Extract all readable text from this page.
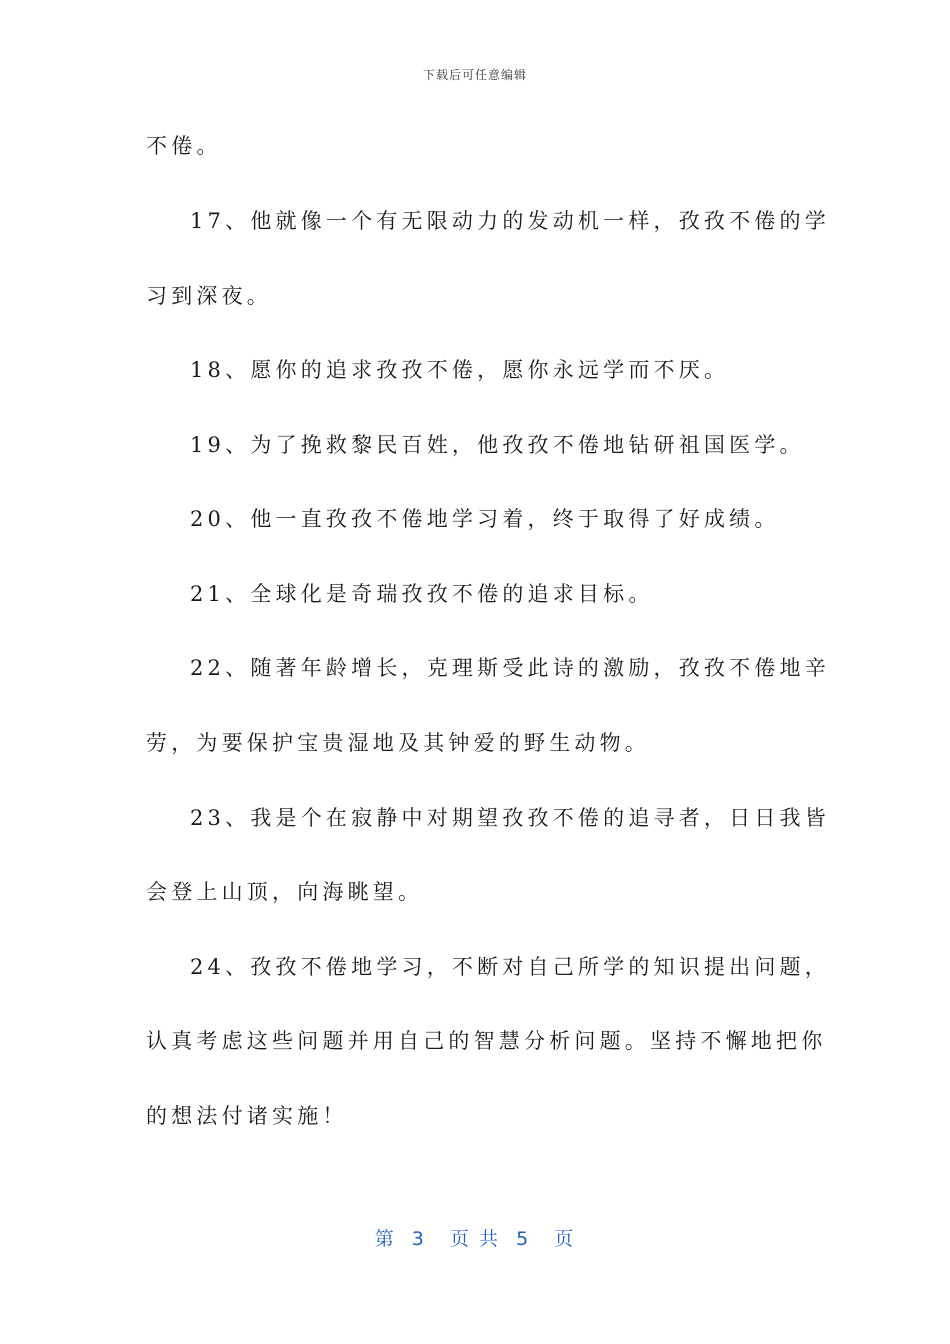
下载后可任意编辑
不倦。
17、他就像一个有无限动力的发动机一样，孜孜不倦的学
习到深夜。
18、愿你的追求孜孜不倦，愿你永远学而不厌。
19、为了挽救黎民百姓，他孜孜不倦地钻研祖国医学。
20、他一直孜孜不倦地学习着，终于取得了好成绩。
21、全球化是奇瑞孜孜不倦的追求目标。
22、随著年龄增长，克理斯受此诗的激励，孜孜不倦地辛
劳，为要保护宝贵湿地及其钟爱的野生动物。
23、我是个在寂静中对期望孜孜不倦的追寻者，日日我皆
会登上山顶，向海眺望。
24、孜孜不倦地学习，不断对自己所学的知识提出问题，
认真考虑这些问题并用自己的智慧分析问题。坚持不懈地把你
的想法付诸实施！
第  3   页 共  5   页
